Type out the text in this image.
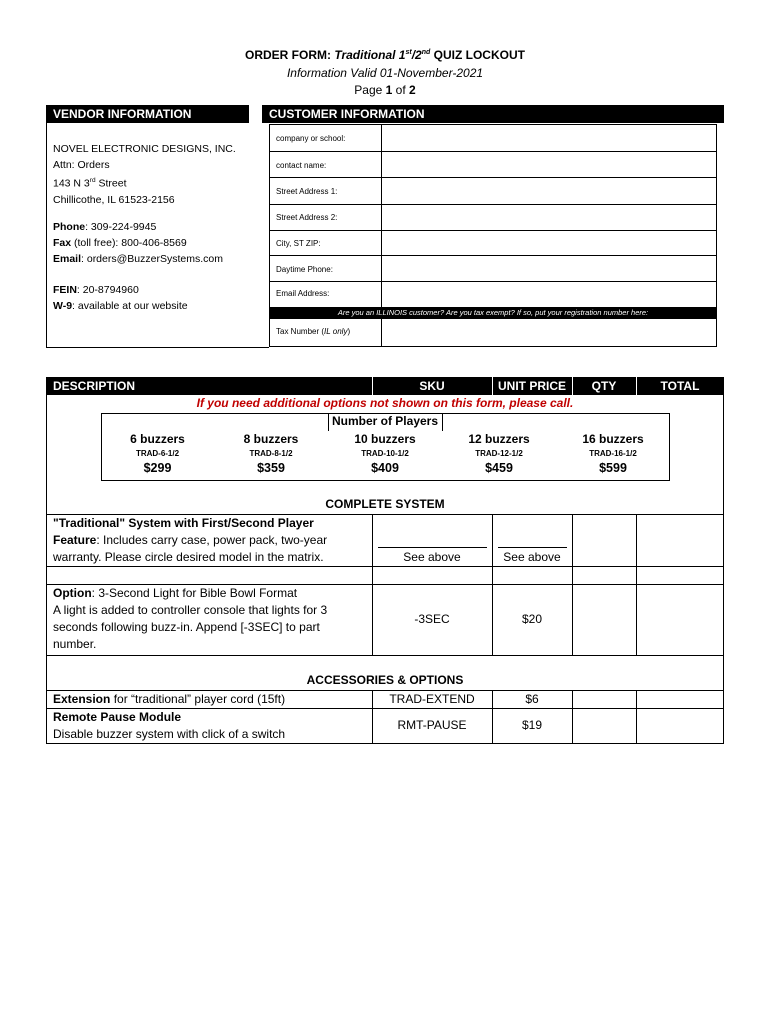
ORDER FORM: Traditional 1st/2nd QUIZ LOCKOUT
Information Valid 01-November-2021
Page 1 of 2
VENDOR INFORMATION
NOVEL ELECTRONIC DESIGNS, INC.
Attn: Orders
143 N 3rd Street
Chillicothe, IL 61523-2156
Phone: 309-224-9945
Fax (toll free): 800-406-8569
Email: orders@BuzzerSystems.com
FEIN: 20-8794960
W-9: available at our website
CUSTOMER INFORMATION
company or school:
contact name:
Street Address 1:
Street Address 2:
City, ST ZIP:
Daytime Phone:
Email Address:
Are you an ILLINOIS customer? Are you tax exempt? If so, put your registration number here:
Tax Number (IL only)
DESCRIPTION	SKU	UNIT PRICE	QTY	TOTAL
If you need additional options not shown on this form, please call.
Number of Players
6 buzzers
TRAD-6-1/2
$299
8 buzzers
TRAD-8-1/2
$359
10 buzzers
TRAD-10-1/2
$409
12 buzzers
TRAD-12-1/2
$459
16 buzzers
TRAD-16-1/2
$599
COMPLETE SYSTEM
"Traditional" System with First/Second Player
Feature: Includes carry case, power pack, two-year
warranty. Please circle desired model in the matrix.	See above	See above
Option: 3-Second Light for Bible Bowl Format
A light is added to controller console that lights for 3
seconds following buzz-in. Append [-3SEC] to part
number.
-3SEC	$20
ACCESSORIES & OPTIONS
Extension for “traditional” player cord (15ft)	TRAD-EXTEND	$6
Remote Pause Module
Disable buzzer system with click of a switch
RMT-PAUSE	$19
